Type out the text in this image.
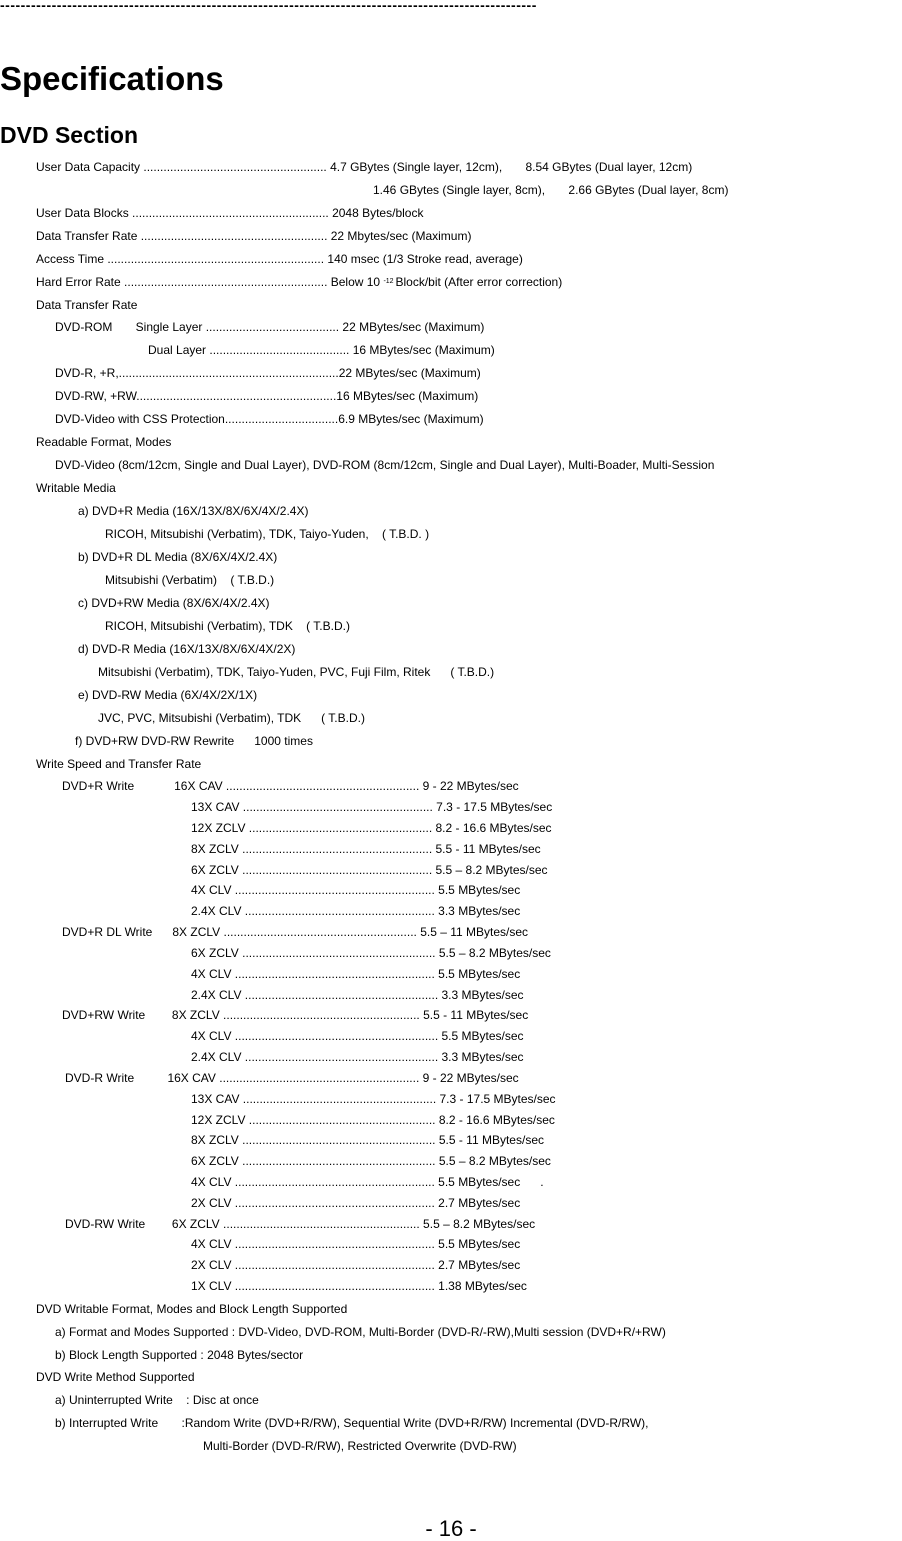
--------------------------------------------------------------------------------------------------------
Specifications
DVD Section
User Data Capacity ....................................................... 4.7 GBytes (Single layer, 12cm),       8.54 GBytes (Dual layer, 12cm)
1.46 GBytes (Single layer, 8cm),       2.66 GBytes (Dual layer, 8cm)
User Data Blocks ........................................................... 2048 Bytes/block
Data Transfer Rate ........................................................ 22 Mbytes/sec (Maximum)
Access Time ................................................................. 140 msec (1/3 Stroke read, average)
Hard Error Rate ............................................................. Below 10 $^{-12}$ Block/bit (After error correction)
Data Transfer Rate
DVD-ROM       Single Layer ........................................ 22 MBytes/sec (Maximum)
Dual Layer .......................................... 16 MBytes/sec (Maximum)
DVD-R, +R,..................................................................22 MBytes/sec (Maximum)
DVD-RW, +RW............................................................16 MBytes/sec (Maximum)
DVD-Video with CSS Protection..................................6.9 MBytes/sec (Maximum)
Readable Format, Modes
DVD-Video (8cm/12cm, Single and Dual Layer), DVD-ROM (8cm/12cm, Single and Dual Layer), Multi-Boader, Multi-Session
Writable Media
a) DVD+R Media (16X/13X/8X/6X/4X/2.4X)
RICOH, Mitsubishi (Verbatim), TDK, Taiyo-Yuden,    ( T.B.D. )
b) DVD+R DL Media (8X/6X/4X/2.4X)
Mitsubishi (Verbatim)    ( T.B.D.)
c) DVD+RW Media (8X/6X/4X/2.4X)
RICOH, Mitsubishi (Verbatim), TDK    ( T.B.D.)
d) DVD-R Media (16X/13X/8X/6X/4X/2X)
Mitsubishi (Verbatim), TDK, Taiyo-Yuden, PVC, Fuji Film, Ritek      ( T.B.D.)
e) DVD-RW Media (6X/4X/2X/1X)
JVC, PVC, Mitsubishi (Verbatim), TDK      ( T.B.D.)
f) DVD+RW DVD-RW Rewrite      1000 times
Write Speed and Transfer Rate
DVD+R Write            16X CAV .......................................................... 9 - 22 MBytes/sec
13X CAV ......................................................... 7.3 - 17.5 MBytes/sec
12X ZCLV ....................................................... 8.2 - 16.6 MBytes/sec
8X ZCLV ......................................................... 5.5 - 11 MBytes/sec
6X ZCLV ......................................................... 5.5 – 8.2 MBytes/sec
4X CLV ............................................................ 5.5 MBytes/sec
2.4X CLV ......................................................... 3.3 MBytes/sec
DVD+R DL Write      8X ZCLV .......................................................... 5.5 – 11 MBytes/sec
6X ZCLV .......................................................... 5.5 – 8.2 MBytes/sec
4X CLV ............................................................ 5.5 MBytes/sec
2.4X CLV .......................................................... 3.3 MBytes/sec
DVD+RW Write        8X ZCLV ........................................................... 5.5 - 11 MBytes/sec
4X CLV ............................................................. 5.5 MBytes/sec
2.4X CLV .......................................................... 3.3 MBytes/sec
DVD-R Write          16X CAV ............................................................ 9 - 22 MBytes/sec
13X CAV .......................................................... 7.3 - 17.5 MBytes/sec
12X ZCLV ........................................................ 8.2 - 16.6 MBytes/sec
8X ZCLV .......................................................... 5.5 - 11 MBytes/sec
6X ZCLV .......................................................... 5.5 – 8.2 MBytes/sec
4X CLV ............................................................ 5.5 MBytes/sec      .
2X CLV ............................................................ 2.7 MBytes/sec
DVD-RW Write        6X ZCLV ........................................................... 5.5 – 8.2 MBytes/sec
4X CLV ............................................................ 5.5 MBytes/sec
2X CLV ............................................................ 2.7 MBytes/sec
1X CLV ............................................................ 1.38 MBytes/sec
DVD Writable Format, Modes and Block Length Supported
a) Format and Modes Supported : DVD-Video, DVD-ROM, Multi-Border (DVD-R/-RW),Multi session (DVD+R/+RW)
b) Block Length Supported : 2048 Bytes/sector
DVD Write Method Supported
a) Uninterrupted Write    : Disc at once
b) Interrupted Write       :Random Write (DVD+R/RW), Sequential Write (DVD+R/RW) Incremental (DVD-R/RW),
Multi-Border (DVD-R/RW), Restricted Overwrite (DVD-RW)
- 16 -
